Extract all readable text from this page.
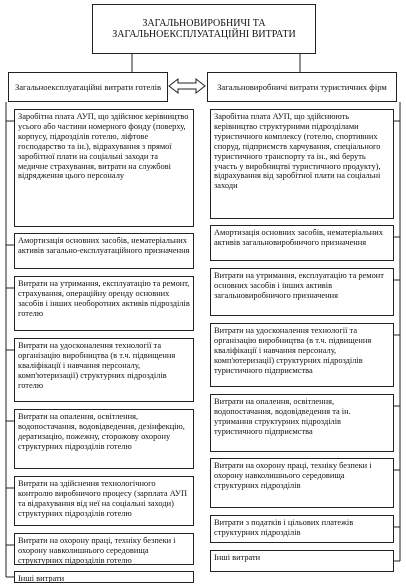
ЗАГАЛЬНОВИРОБНИЧІ ТА ЗАГАЛЬНОЕКСПЛУАТАЦІЙНІ ВИТРАТИ
Загальноексплуатаційні витрати готелів	Загальновиробничі витрати туристичних фірм
Заробітна плата АУП, що здійснює керівництво усього або частини номерного фонду (поверху, корпусу, підрозділів готелю, ліфтове господарство та ін.), відрахування з прямої заробітної плати на соціальні заходи та медичне страхування, витрати на службові відрядження цього персоналу
Амортизація основних засобів, нематеріальних активів загально-експлуатаційного призначення
Витрати на утримання, експлуатацію та ремонт, страхування, операційну оренду основних засобів і інших необоротних активів підрозділів готелю
Витрати на удосконалення технології та організацію виробництва (в т.ч. підвищення кваліфікації і навчання персоналу, комп'ютеризації) структурних підрозділів готелю
Витрати на опалення, освітлення, водопостачання, водовідведення, дезінфекцію, дератизацію, пожежну, сторожову охорону структурних підрозділів готелю
Витрати на здійснення технологічного контролю виробничого процесу (зарплата АУП та відрахування від неї на соціальні заходи) структурних підрозділів готелю
Витрати на охорону праці, техніку безпеки і охорону навколишнього середовища структурних підрозділів готелю
Інші витрати
Заробітна плата АУП, що здійснюють керівництво структурними підрозділами туристичного комплексу (готелю, спортивних споруд, підприємств харчування, спеціального туристичного транспорту та ін., які беруть участь у виробництві туристичного продукту), відрахування від заробітної плати на соціальні заходи
Амортизація основних засобів, нематеріальних активів загальновиробничого призначення
Витрати на утримання, експлуатацію та ремонт основних засобів і інших активів загальновиробничого призначення
Витрати на удосконалення технології та організацію виробництва (в т.ч. підвищення кваліфікації і навчання персоналу, комп'ютеризації) структурних підрозділів туристичного підприємства
Витрати на опалення, освітлення, водопостачання, водовідведення та ін. утримання структурних підрозділів туристичного підприємства
Витрати на охорону праці, техніку безпеки і охорону навколишнього середовища структурних підрозділів
Витрати з податків і цільових платежів структурних підрозділів
Інші витрати
